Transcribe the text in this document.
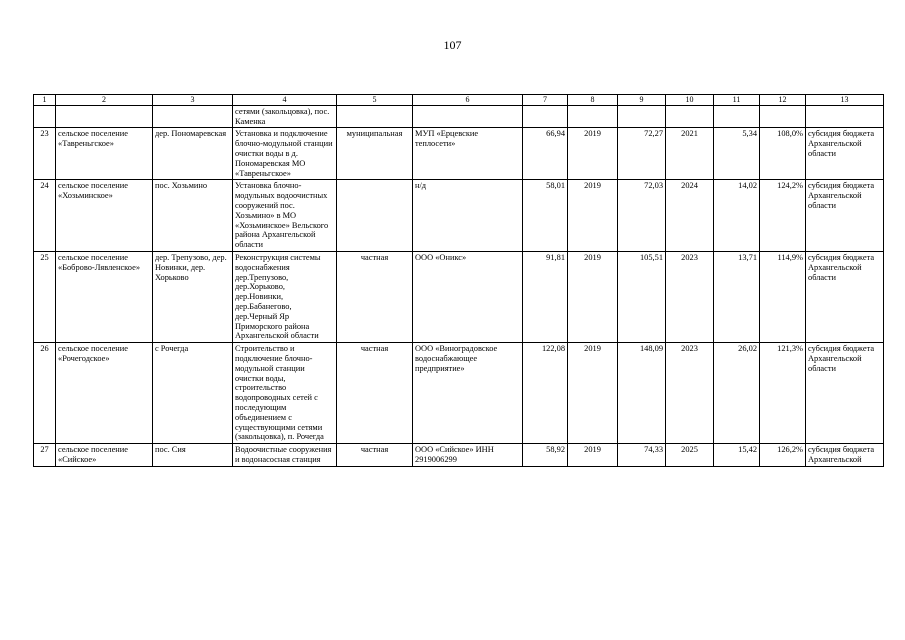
107
1	2	3	4	5	6	7	8	9	10	11	12	13
			сетями (закольцовка), пос. Каменка									
23	сельское поселение «Тавреньгское»	дер. Пономаревская	Установка и подключение блочно-модульной станции очистки воды в д. Пономаревская МО «Тавреньгское»	муниципальная	МУП «Ерцевские теплосети»	66,94	2019	72,27	2021	5,34	108,0%	субсидия бюджета Архангельской области
24	сельское поселение «Хозьминское»	пос. Хозьмино	Установка блочно-модульных водоочистных сооружений пос. Хозьмино» в МО «Хозьминское» Вельского района Архангельской области		н/д	58,01	2019	72,03	2024	14,02	124,2%	субсидия бюджета Архангельской области
25	сельское поселение «Боброво-Лявленское»	дер. Трепузово, дер. Новинки, дер. Хорьково	Реконструкция системы водоснабжения дер.Трепузово, дер.Хорьково, дер.Новинки, дер.Бабанегово, дер.Черный Яр Приморского района Архангельской области	частная	ООО «Оникс»	91,81	2019	105,51	2023	13,71	114,9%	субсидия бюджета Архангельской области
26	сельское поселение «Рочегодское»	с Рочегда	Строительство и подключение блочно-модульной станции очистки воды, строительство водопроводных сетей с последующим объединением с существующими сетями (закольцовка), п. Рочегда	частная	ООО «Виноградовское водоснабжающее предприятие»	122,08	2019	148,09	2023	26,02	121,3%	субсидия бюджета Архангельской области
27	сельское поселение «Сийское»	пос. Сия	Водоочистные сооружения и водонасосная станция	частная	ООО «Сийское» ИНН 2919006299	58,92	2019	74,33	2025	15,42	126,2%	субсидия бюджета Архангельской
